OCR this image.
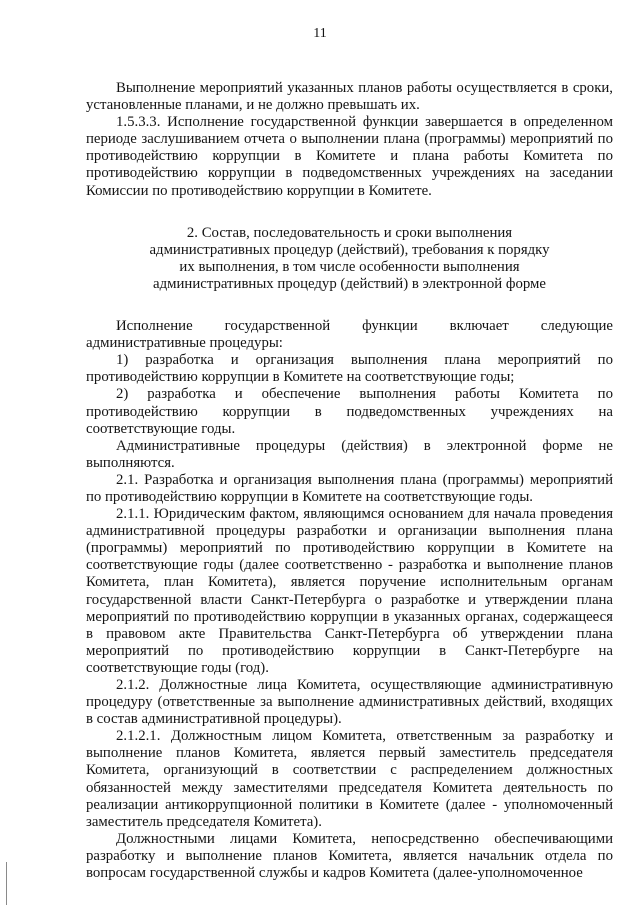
11

Выполнение мероприятий указанных планов работы осуществляется в сроки, установленные планами, и не должно превышать их.

1.5.3.3. Исполнение государственной функции завершается в определенном периоде заслушиванием отчета о выполнении плана (программы) мероприятий по противодействию коррупции в Комитете и плана работы Комитета по противодействию коррупции в подведомственных учреждениях на заседании Комиссии по противодействию коррупции в Комитете.

2. Состав, последовательность и сроки выполнения
административных процедур (действий), требования к порядку
их выполнения, в том числе особенности выполнения
административных процедур (действий) в электронной форме

Исполнение государственной функции включает следующие административные процедуры:

1) разработка и организация выполнения плана мероприятий по противодействию коррупции в Комитете на соответствующие годы;

2) разработка и обеспечение выполнения работы Комитета по противодействию коррупции в подведомственных учреждениях на соответствующие годы.

Административные процедуры (действия) в электронной форме не выполняются.

2.1. Разработка и организация выполнения плана (программы) мероприятий по противодействию коррупции в Комитете на соответствующие годы.

2.1.1. Юридическим фактом, являющимся основанием для начала проведения административной процедуры разработки и организации выполнения плана (программы) мероприятий по противодействию коррупции в Комитете на соответствующие годы (далее соответственно - разработка и выполнение планов Комитета, план Комитета), является поручение исполнительным органам государственной власти Санкт-Петербурга о разработке и утверждении плана мероприятий по противодействию коррупции в указанных органах, содержащееся в правовом акте Правительства Санкт-Петербурга об утверждении плана мероприятий по противодействию коррупции в Санкт-Петербурге на соответствующие годы (год).

2.1.2. Должностные лица Комитета, осуществляющие административную процедуру (ответственные за выполнение административных действий, входящих в состав административной процедуры).

2.1.2.1. Должностным лицом Комитета, ответственным за разработку и выполнение планов Комитета, является первый заместитель председателя Комитета, организующий в соответствии с распределением должностных обязанностей между заместителями председателя Комитета деятельность по реализации антикоррупционной политики в Комитете (далее - уполномоченный заместитель председателя Комитета).

Должностными лицами Комитета, непосредственно обеспечивающими разработку и выполнение планов Комитета, является начальник отдела по вопросам государственной службы и кадров Комитета (далее-уполномоченное
